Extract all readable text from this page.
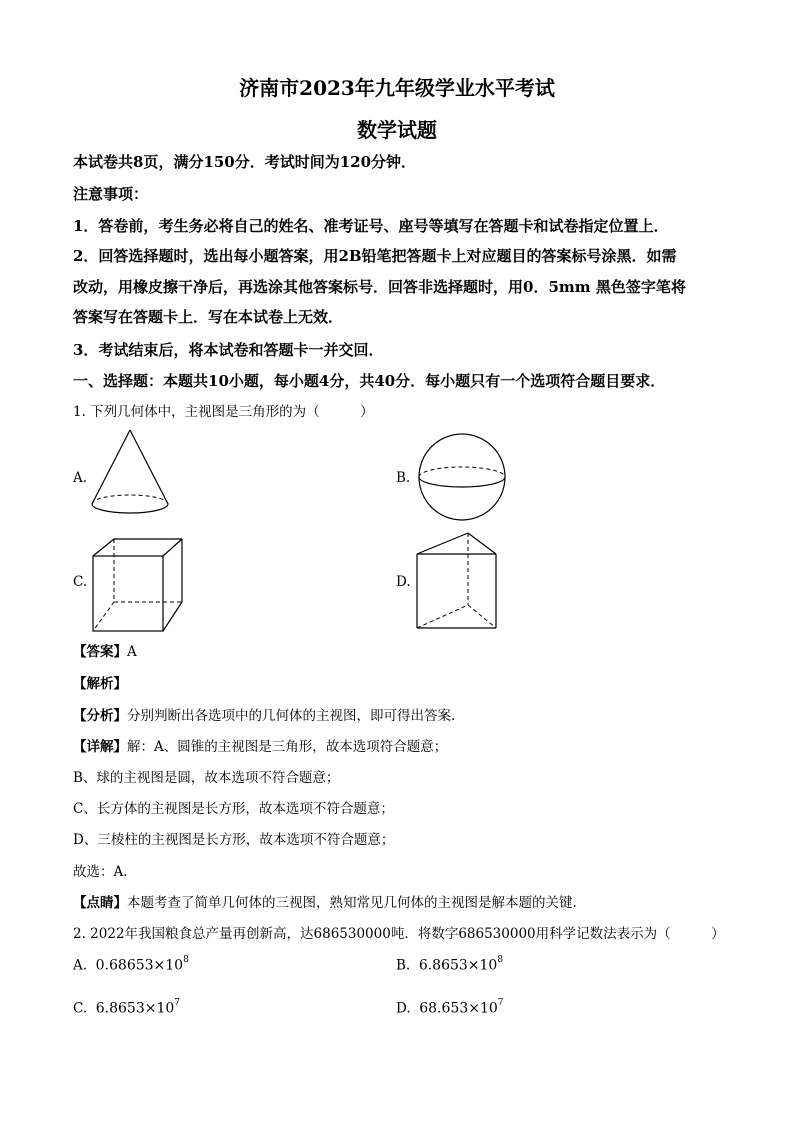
济南市2023年九年级学业水平考试
数学试题
本试卷共8页，满分150分．考试时间为120分钟．
注意事项：
1．答卷前，考生务必将自己的姓名、准考证号、座号等填写在答题卡和试卷指定位置上．
2．回答选择题时，选出每小题答案，用2B铅笔把答题卡上对应题目的答案标号涂黑．如需
改动，用橡皮擦干净后，再选涂其他答案标号．回答非选择题时，用0．5mm 黑色签字笔将
答案写在答题卡上．写在本试卷上无效．
3．考试结束后，将本试卷和答题卡一并交回．
一、选择题：本题共10小题，每小题4分，共40分．每小题只有一个选项符合题目要求．
1. 下列几何体中，主视图是三角形的为（　　　）
A.	B.
C.	D.
【答案】A
【解析】
【分析】分别判断出各选项中的几何体的主视图，即可得出答案.
【详解】解：A、圆锥的主视图是三角形，故本选项符合题意；
B、球的主视图是圆，故本选项不符合题意；
C、长方体的主视图是长方形，故本选项不符合题意；
D、三棱柱的主视图是长方形，故本选项不符合题意；
故选：A.
【点睛】本题考查了简单几何体的三视图，熟知常见几何体的主视图是解本题的关键.
2. 2022年我国粮食总产量再创新高，达686530000吨．将数字686530000用科学记数法表示为（　　　）
A. $0.68653\times 10^8$	B. $6.8653\times 10^8$
C. $6.8653\times 10^7$	D. $68.653\times 10^7$
